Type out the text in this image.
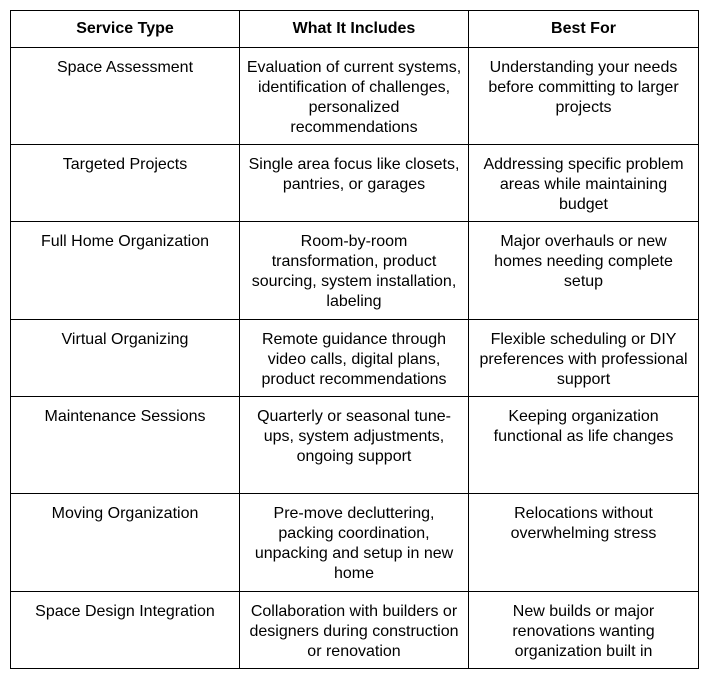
Service Type	What It Includes	Best For
Space Assessment	Evaluation of current systems, identification of challenges, personalized recommendations	Understanding your needs before committing to larger projects
Targeted Projects	Single area focus like closets, pantries, or garages	Addressing specific problem areas while maintaining budget
Full Home Organization	Room-by-room transformation, product sourcing, system installation, labeling	Major overhauls or new homes needing complete setup
Virtual Organizing	Remote guidance through video calls, digital plans, product recommendations	Flexible scheduling or DIY preferences with professional support
Maintenance Sessions	Quarterly or seasonal tune-ups, system adjustments, ongoing support	Keeping organization functional as life changes
Moving Organization	Pre-move decluttering, packing coordination, unpacking and setup in new home	Relocations without overwhelming stress
Space Design Integration	Collaboration with builders or designers during construction or renovation	New builds or major renovations wanting organization built in
